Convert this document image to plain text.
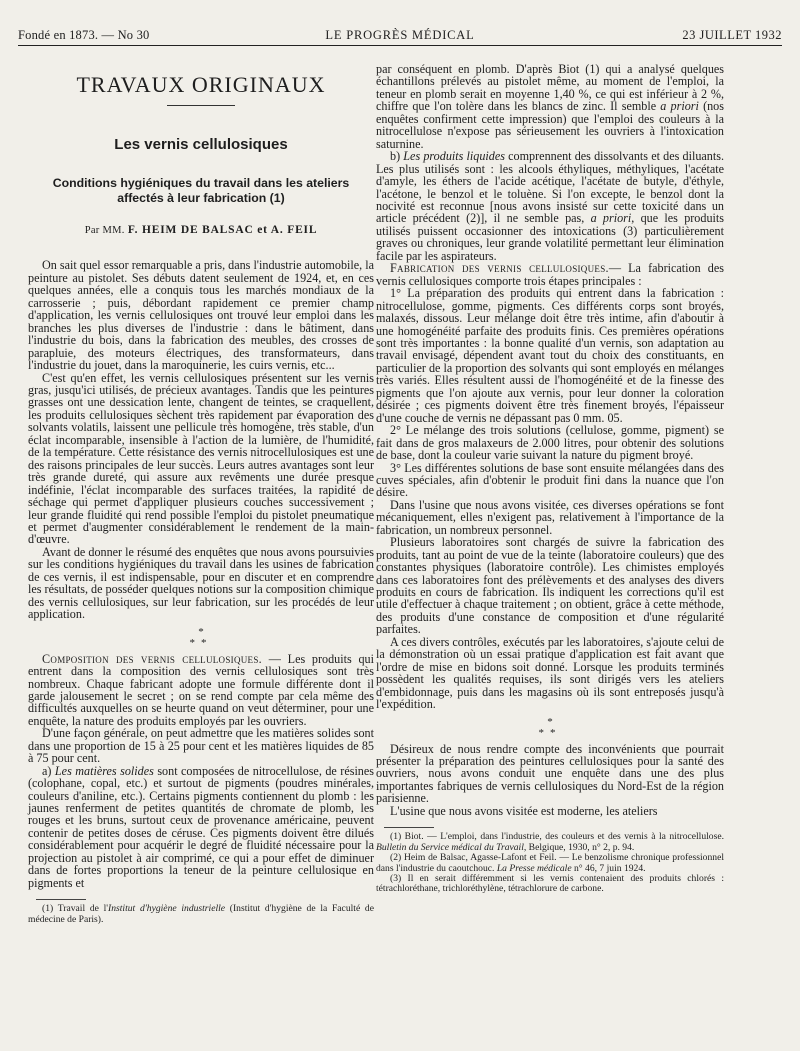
Fondé en 1873. — No 30	LE PROGRÈS MÉDICAL	23 JUILLET 1932
TRAVAUX ORIGINAUX
Les vernis cellulosiques
Conditions hygiéniques du travail dans les ateliers affectés à leur fabrication (1)
Par MM. F. HEIM DE BALSAC et A. FEIL

On sait quel essor remarquable a pris, dans l'industrie automobile, la peinture au pistolet. Ses débuts datent seulement de 1924, et, en ces quelques années, elle a conquis tous les marchés mondiaux de la carrosserie ; puis, débordant rapidement ce premier champ d'application, les vernis cellulosiques ont trouvé leur emploi dans les branches les plus diverses de l'industrie : dans le bâtiment, dans l'industrie du bois, dans la fabrication des meubles, des crosses de parapluie, des moteurs électriques, des transformateurs, dans l'industrie du jouet, dans la maroquinerie, les cuirs vernis, etc...

C'est qu'en effet, les vernis cellulosiques présentent sur les vernis gras, jusqu'ici utilisés, de précieux avantages. Tandis que les peintures grasses ont une dessication lente, changent de teintes, se craquellent, les produits cellulosiques sèchent très rapidement par évaporation des solvants volatils, laissent une pellicule très homogène, très stable, d'un éclat incomparable, insensible à l'action de la lumière, de l'humidité, de la température. Cette résistance des vernis nitrocellulosiques est une des raisons principales de leur succès. Leurs autres avantages sont leur très grande dureté, qui assure aux revêments une durée presque indéfinie, l'éclat incomparable des surfaces traitées, la rapidité de séchage qui permet d'appliquer plusieurs couches successivement ; leur grande fluidité qui rend possible l'emploi du pistolet pneumatique et permet d'augmenter considérablement le rendement de la main-d'œuvre.

Avant de donner le résumé des enquêtes que nous avons poursuivies sur les conditions hygiéniques du travail dans les usines de fabrication de ces vernis, il est indispensable, pour en discuter et en comprendre les résultats, de posséder quelques notions sur la composition chimique des vernis cellulosiques, sur leur fabrication, sur les procédés de leur application.

*
**

Composition des vernis cellulosiques. — Les produits qui entrent dans la composition des vernis cellulosiques sont très nombreux. Chaque fabricant adopte une formule différente dont il garde jalousement le secret ; on se rend compte par cela même des difficultés auxquelles on se heurte quand on veut déterminer, pour une enquête, la nature des produits employés par les ouvriers.

D'une façon générale, on peut admettre que les matières solides sont dans une proportion de 15 à 25 pour cent et les matières liquides de 85 à 75 pour cent.

a) Les matières solides sont composées de nitrocellulose, de résines (colophane, copal, etc.) et surtout de pigments (poudres minérales, couleurs d'aniline, etc.). Certains pigments contiennent du plomb : les jaunes renferment de petites quantités de chromate de plomb, les rouges et les bruns, surtout ceux de provenance américaine, peuvent contenir de petites doses de céruse. Ces pigments doivent être dilués considérablement pour acquérir le degré de fluidité nécessaire pour la projection au pistolet à air comprimé, ce qui a pour effet de diminuer dans de fortes proportions la teneur de la peinture cellulosique en pigments et

(1) Travail de l'Institut d'hygiène industrielle (Institut d'hygiène de la Faculté de médecine de Paris).

par conséquent en plomb. D'après Biot (1) qui a analysé quelques échantillons prélevés au pistolet même, au moment de l'emploi, la teneur en plomb serait en moyenne 1,40 %, ce qui est inférieur à 2 %, chiffre que l'on tolère dans les blancs de zinc. Il semble a priori (nos enquêtes confirment cette impression) que l'emploi des couleurs à la nitrocellulose n'expose pas sérieusement les ouvriers à l'intoxication saturnine.

b) Les produits liquides comprennent des dissolvants et des diluants. Les plus utilisés sont : les alcools éthyliques, méthyliques, l'acétate d'amyle, les éthers de l'acide acétique, l'acétate de butyle, d'éthyle, l'acétone, le benzol et le toluène. Si l'on excepte, le benzol dont la nocivité est reconnue [nous avons insisté sur cette toxicité dans un article précédent (2)], il ne semble pas, a priori, que les produits utilisés puissent occasionner des intoxications (3) particulièrement graves ou chroniques, leur grande volatilité permettant leur élimination facile par les aspirateurs.

Fabrication des vernis cellulosiques.— La fabrication des vernis cellulosiques comporte trois étapes principales :

1° La préparation des produits qui entrent dans la fabrication : nitrocellulose, gomme, pigments. Ces différents corps sont broyés, malaxés, dissous. Leur mélange doit être très intime, afin d'aboutir à une homogénéité parfaite des produits finis. Ces premières opérations sont très importantes : la bonne qualité d'un vernis, son adaptation au travail envisagé, dépendent avant tout du choix des constituants, en particulier de la proportion des solvants qui sont employés en mélanges très variés. Elles résultent aussi de l'homogénéité et de la finesse des pigments que l'on ajoute aux vernis, pour leur donner la coloration désirée ; ces pigments doivent être très finement broyés, l'épaisseur d'une couche de vernis ne dépassant pas 0 mm. 05.

2° Le mélange des trois solutions (cellulose, gomme, pigment) se fait dans de gros malaxeurs de 2.000 litres, pour obtenir des solutions de base, dont la couleur varie suivant la nature du pigment broyé.

3° Les différentes solutions de base sont ensuite mélangées dans des cuves spéciales, afin d'obtenir le produit fini dans la nuance que l'on désire.

Dans l'usine que nous avons visitée, ces diverses opérations se font mécaniquement, elles n'exigent pas, relativement à l'importance de la fabrication, un nombreux personnel.

Plusieurs laboratoires sont chargés de suivre la fabrication des produits, tant au point de vue de la teinte (laboratoire couleurs) que des constantes physiques (laboratoire contrôle). Les chimistes employés dans ces laboratoires font des prélèvements et des analyses des divers produits en cours de fabrication. Ils indiquent les corrections qu'il est utile d'effectuer à chaque traitement ; on obtient, grâce à cette méthode, des produits d'une constance de composition et d'une régularité parfaites.

A ces divers contrôles, exécutés par les laboratoires, s'ajoute celui de la démonstration où un essai pratique d'application est fait avant que l'ordre de mise en bidons soit donné. Lorsque les produits terminés possèdent les qualités requises, ils sont dirigés vers les ateliers d'embidonnage, puis dans les magasins où ils sont entreposés jusqu'à l'expédition.

*
**

Désireux de nous rendre compte des inconvénients que pourrait présenter la préparation des peintures cellulosiques pour la santé des ouvriers, nous avons conduit une enquête dans une des plus importantes fabriques de vernis cellulosiques du Nord-Est de la région parisienne.

L'usine que nous avons visitée est moderne, les ateliers

(1) Biot. — L'emploi, dans l'industrie, des couleurs et des vernis à la nitrocellulose. Bulletin du Service médical du Travail, Belgique, 1930, n° 2, p. 94.

(2) Heim de Balsac, Agasse-Lafont et Feil. — Le benzolisme chronique professionnel dans l'industrie du caoutchouc. La Presse médicale n° 46, 7 juin 1924.

(3) Il en serait différemment si les vernis contenaient des produits chlorés : tétrachloréthane, trichloréthylène, tétrachlorure de carbone.
